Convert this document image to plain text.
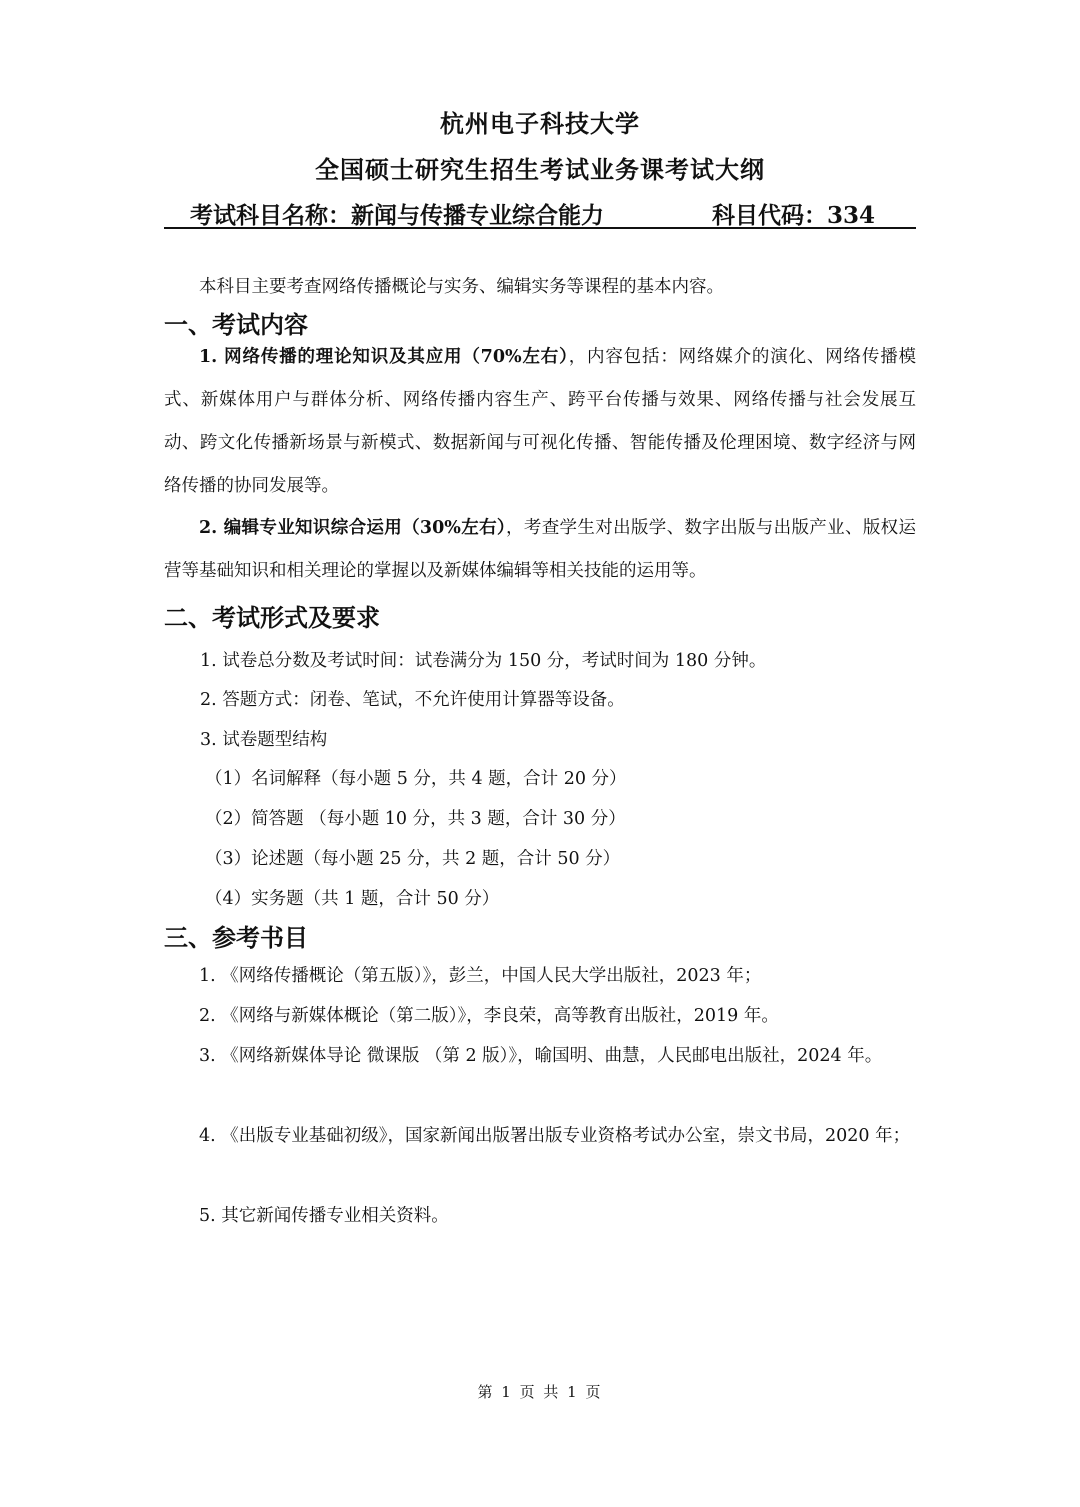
杭州电子科技大学
全国硕士研究生招生考试业务课考试大纲
考试科目名称：新闻与传播专业综合能力	科目代码：334

本科目主要考查网络传播概论与实务、编辑实务等课程的基本内容。

一、考试内容

1. 网络传播的理论知识及其应用（70%左右），内容包括：网络媒介的演化、网络传播模式、新媒体用户与群体分析、网络传播内容生产、跨平台传播与效果、网络传播与社会发展互动、跨文化传播新场景与新模式、数据新闻与可视化传播、智能传播及伦理困境、数字经济与网络传播的协同发展等。

2. 编辑专业知识综合运用（30%左右），考查学生对出版学、数字出版与出版产业、版权运营等基础知识和相关理论的掌握以及新媒体编辑等相关技能的运用等。

二、考试形式及要求
1. 试卷总分数及考试时间：试卷满分为 150 分，考试时间为 180 分钟。
2. 答题方式：闭卷、笔试，不允许使用计算器等设备。
3. 试卷题型结构
（1）名词解释（每小题 5 分，共 4 题，合计 20 分）
（2）简答题 （每小题 10 分，共 3 题，合计 30 分）
（3）论述题（每小题 25 分，共 2 题，合计 50 分）
（4）实务题（共 1 题，合计 50 分）
三、参考书目

1. 《网络传播概论（第五版）》，彭兰，中国人民大学出版社，2023 年；

2. 《网络与新媒体概论（第二版）》，李良荣，高等教育出版社，2019 年。

3. 《网络新媒体导论 微课版 （第 2 版）》，喻国明、曲慧，人民邮电出版社，2024 年。

4. 《出版专业基础初级》，国家新闻出版署出版专业资格考试办公室，崇文书局，2020 年；

5. 其它新闻传播专业相关资料。

第 1 页 共 1 页
